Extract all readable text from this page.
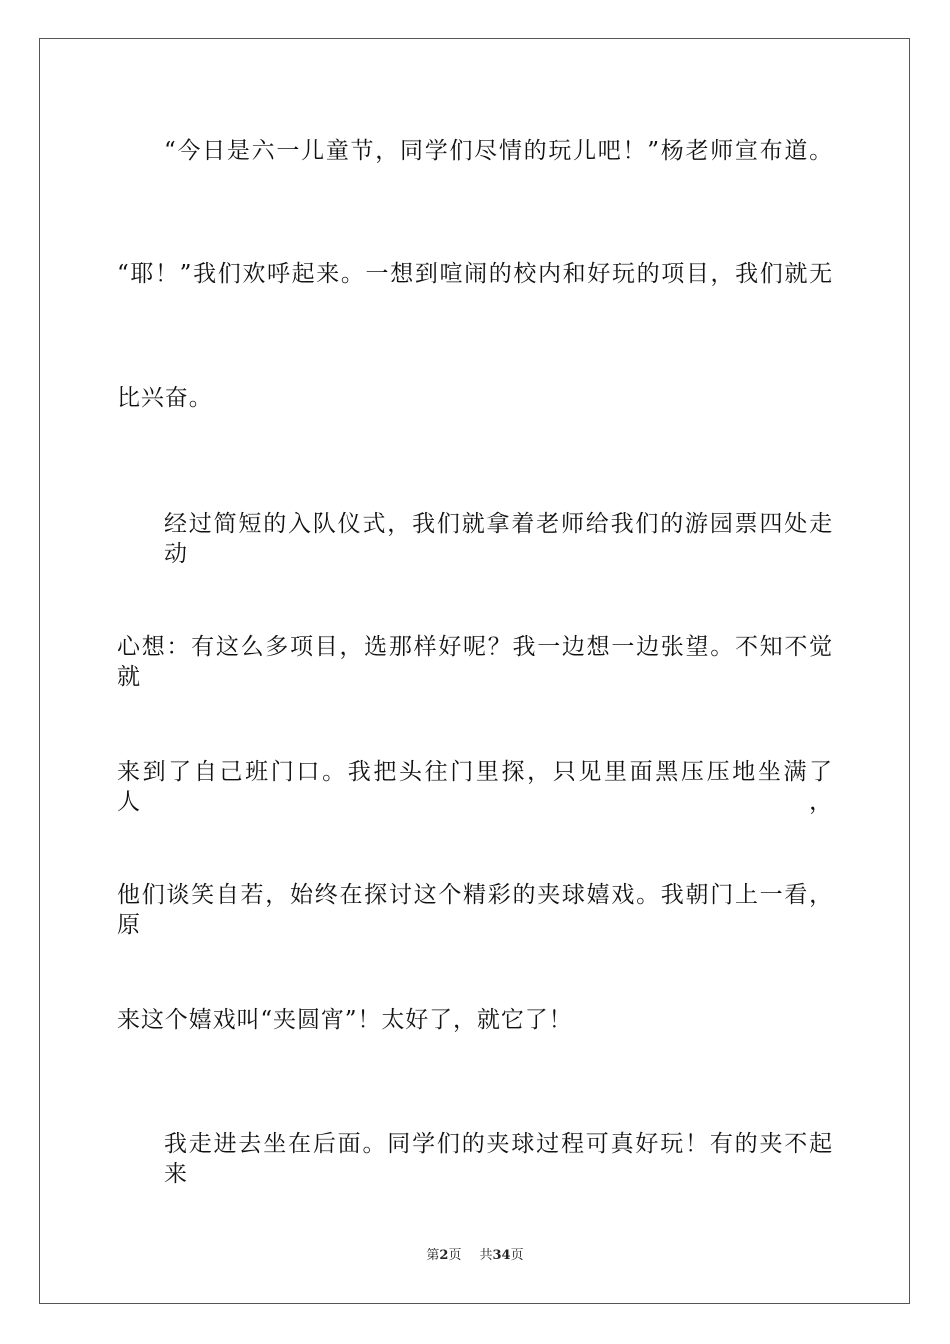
“今日是六一儿童节，同学们尽情的玩儿吧！”杨老师宣布道。
“耶！”我们欢呼起来。一想到喧闹的校内和好玩的项目，我们就无
比兴奋。
经过简短的入队仪式，我们就拿着老师给我们的游园票四处走动
心想：有这么多项目，选那样好呢？我一边想一边张望。不知不觉就
来到了自己班门口。我把头往门里探，只见里面黑压压地坐满了人，
他们谈笑自若，始终在探讨这个精彩的夹球嬉戏。我朝门上一看，原
来这个嬉戏叫“夹圆宵”！太好了，就它了！
我走进去坐在后面。同学们的夹球过程可真好玩！有的夹不起来
第2页 共34页
